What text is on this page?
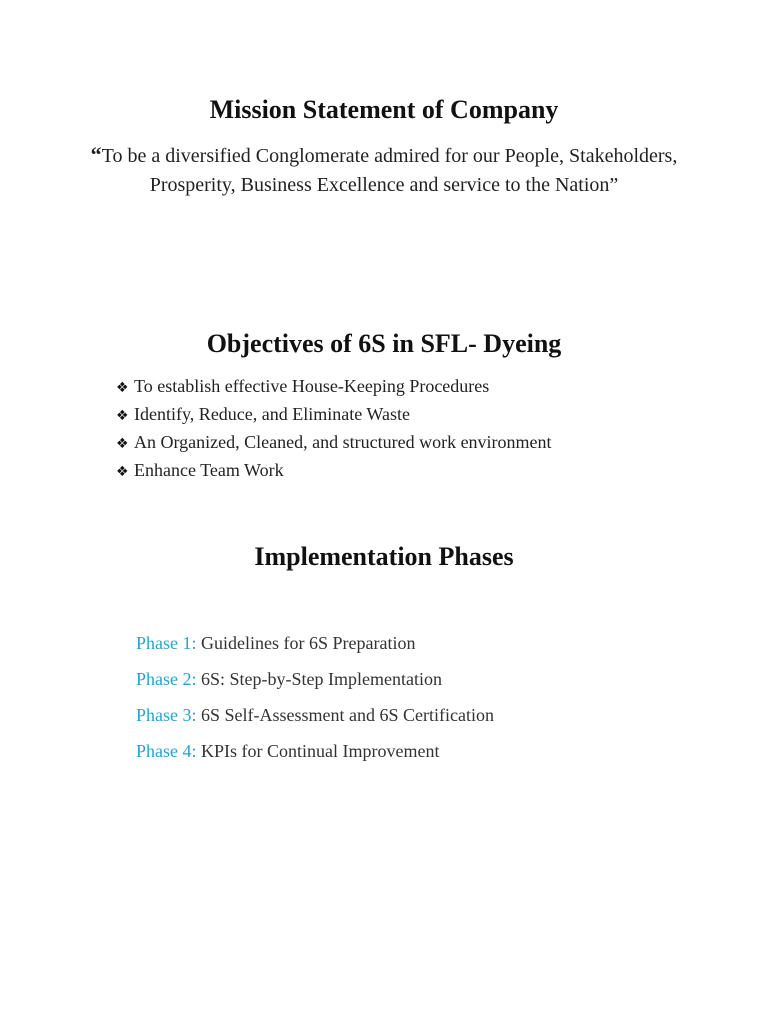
Mission Statement of Company

“To be a diversified Conglomerate admired for our People, Stakeholders, Prosperity, Business Excellence and service to the Nation”

Objectives of 6S in SFL- Dyeing
❖ To establish effective House-Keeping Procedures
❖ Identify, Reduce, and Eliminate Waste
❖ An Organized, Cleaned, and structured work environment
❖ Enhance Team Work
Implementation Phases
Phase 1: Guidelines for 6S Preparation
Phase 2: 6S: Step-by-Step Implementation
Phase 3: 6S Self-Assessment and 6S Certification
Phase 4: KPIs for Continual Improvement
